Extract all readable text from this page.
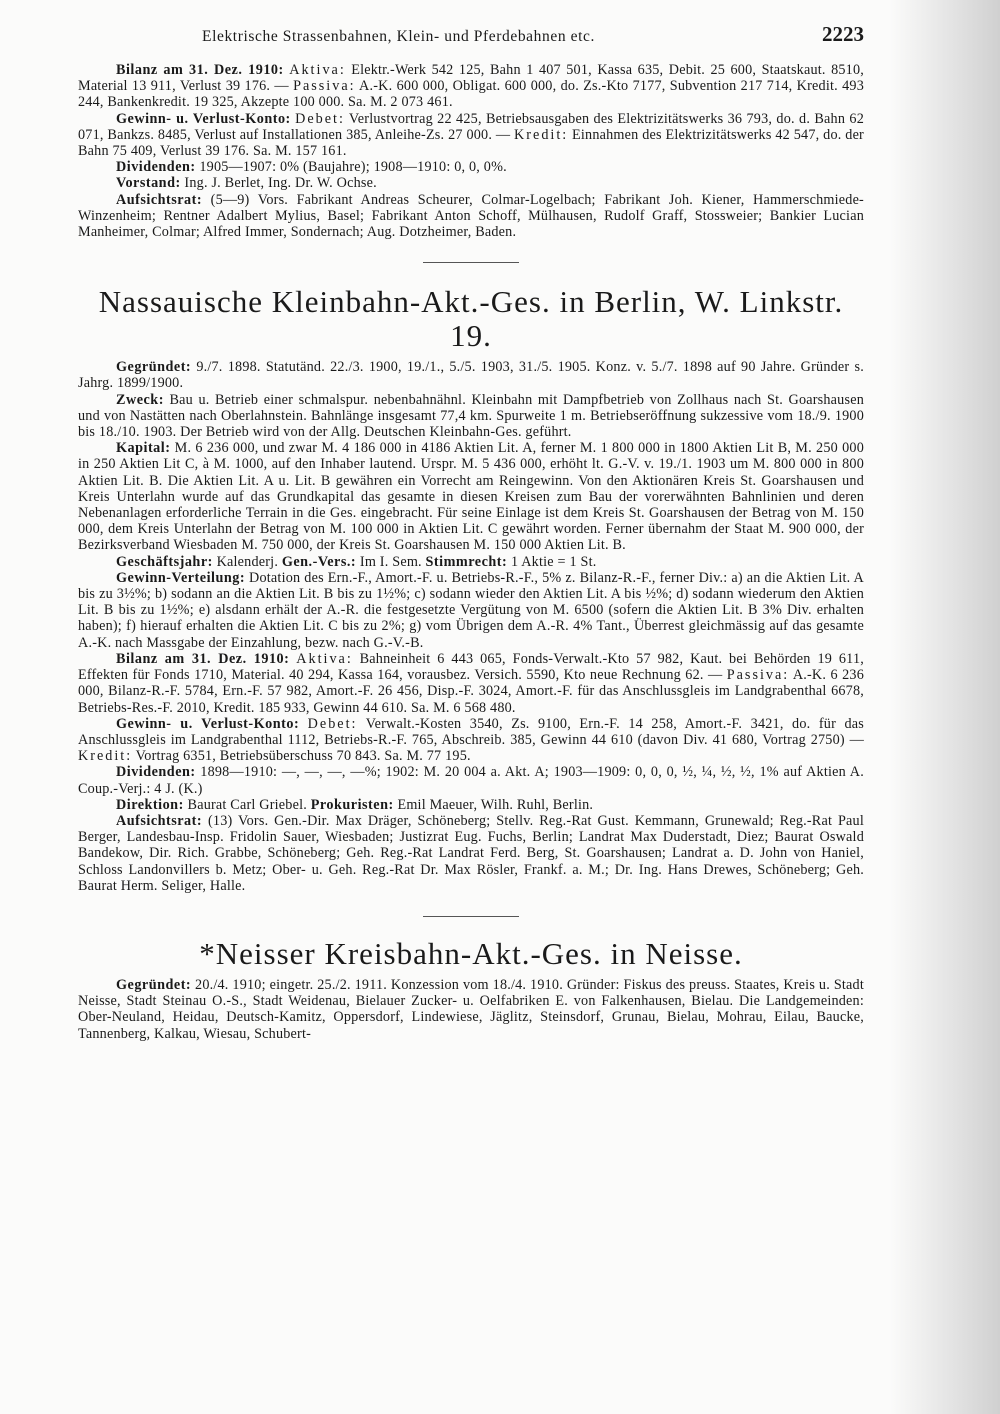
Elektrische Strassenbahnen, Klein- und Pferdebahnen etc.	2223

Bilanz am 31. Dez. 1910: Aktiva: Elektr.-Werk 542 125, Bahn 1 407 501, Kassa 635, Debit. 25 600, Staatskaut. 8510, Material 13 911, Verlust 39 176. — Passiva: A.-K. 600 000, Obligat. 600 000, do. Zs.-Kto 7177, Subvention 217 714, Kredit. 493 244, Bankenkredit. 19 325, Akzepte 100 000. Sa. M. 2 073 461.

Gewinn- u. Verlust-Konto: Debet: Verlustvortrag 22 425, Betriebsausgaben des Elektrizitätswerks 36 793, do. d. Bahn 62 071, Bankzs. 8485, Verlust auf Installationen 385, Anleihe-Zs. 27 000. — Kredit: Einnahmen des Elektrizitätswerks 42 547, do. der Bahn 75 409, Verlust 39 176. Sa. M. 157 161.

Dividenden: 1905—1907: 0% (Baujahre); 1908—1910: 0, 0, 0%.

Vorstand: Ing. J. Berlet, Ing. Dr. W. Ochse.

Aufsichtsrat: (5—9) Vors. Fabrikant Andreas Scheurer, Colmar-Logelbach; Fabrikant Joh. Kiener, Hammerschmiede-Winzenheim; Rentner Adalbert Mylius, Basel; Fabrikant Anton Schoff, Mülhausen, Rudolf Graff, Stossweier; Bankier Lucian Manheimer, Colmar; Alfred Immer, Sondernach; Aug. Dotzheimer, Baden.

Nassauische Kleinbahn-Akt.-Ges. in Berlin, W. Linkstr. 19.

Gegründet: 9./7. 1898. Statutänd. 22./3. 1900, 19./1., 5./5. 1903, 31./5. 1905. Konz. v. 5./7. 1898 auf 90 Jahre. Gründer s. Jahrg. 1899/1900.

Zweck: Bau u. Betrieb einer schmalspur. nebenbahnähnl. Kleinbahn mit Dampfbetrieb von Zollhaus nach St. Goarshausen und von Nastätten nach Oberlahnstein. Bahnlänge insgesamt 77,4 km. Spurweite 1 m. Betriebseröffnung sukzessive vom 18./9. 1900 bis 18./10. 1903. Der Betrieb wird von der Allg. Deutschen Kleinbahn-Ges. geführt.

Kapital: M. 6 236 000, und zwar M. 4 186 000 in 4186 Aktien Lit. A, ferner M. 1 800 000 in 1800 Aktien Lit B, M. 250 000 in 250 Aktien Lit C, à M. 1000, auf den Inhaber lautend. Urspr. M. 5 436 000, erhöht lt. G.-V. v. 19./1. 1903 um M. 800 000 in 800 Aktien Lit. B. Die Aktien Lit. A u. Lit. B gewähren ein Vorrecht am Reingewinn. Von den Aktionären Kreis St. Goarshausen und Kreis Unterlahn wurde auf das Grundkapital das gesamte in diesen Kreisen zum Bau der vorerwähnten Bahnlinien und deren Nebenanlagen erforderliche Terrain in die Ges. eingebracht. Für seine Einlage ist dem Kreis St. Goarshausen der Betrag von M. 150 000, dem Kreis Unterlahn der Betrag von M. 100 000 in Aktien Lit. C gewährt worden. Ferner übernahm der Staat M. 900 000, der Bezirksverband Wiesbaden M. 750 000, der Kreis St. Goarshausen M. 150 000 Aktien Lit. B.

Geschäftsjahr: Kalenderj. Gen.-Vers.: Im I. Sem. Stimmrecht: 1 Aktie = 1 St.

Gewinn-Verteilung: Dotation des Ern.-F., Amort.-F. u. Betriebs-R.-F., 5% z. Bilanz-R.-F., ferner Div.: a) an die Aktien Lit. A bis zu 3½%; b) sodann an die Aktien Lit. B bis zu 1½%; c) sodann wieder den Aktien Lit. A bis ½%; d) sodann wiederum den Aktien Lit. B bis zu 1½%; e) alsdann erhält der A.-R. die festgesetzte Vergütung von M. 6500 (sofern die Aktien Lit. B 3% Div. erhalten haben); f) hierauf erhalten die Aktien Lit. C bis zu 2%; g) vom Übrigen dem A.-R. 4% Tant., Überrest gleichmässig auf das gesamte A.-K. nach Massgabe der Einzahlung, bezw. nach G.-V.-B.

Bilanz am 31. Dez. 1910: Aktiva: Bahneinheit 6 443 065, Fonds-Verwalt.-Kto 57 982, Kaut. bei Behörden 19 611, Effekten für Fonds 1710, Material. 40 294, Kassa 164, vorausbez. Versich. 5590, Kto neue Rechnung 62. — Passiva: A.-K. 6 236 000, Bilanz-R.-F. 5784, Ern.-F. 57 982, Amort.-F. 26 456, Disp.-F. 3024, Amort.-F. für das Anschlussgleis im Landgrabenthal 6678, Betriebs-Res.-F. 2010, Kredit. 185 933, Gewinn 44 610. Sa. M. 6 568 480.

Gewinn- u. Verlust-Konto: Debet: Verwalt.-Kosten 3540, Zs. 9100, Ern.-F. 14 258, Amort.-F. 3421, do. für das Anschlussgleis im Landgrabenthal 1112, Betriebs-R.-F. 765, Abschreib. 385, Gewinn 44 610 (davon Div. 41 680, Vortrag 2750) — Kredit: Vortrag 6351, Betriebsüberschuss 70 843. Sa. M. 77 195.

Dividenden: 1898—1910: —, —, —, —%; 1902: M. 20 004 a. Akt. A; 1903—1909: 0, 0, 0, ½, ¼, ½, ½, 1% auf Aktien A. Coup.-Verj.: 4 J. (K.)

Direktion: Baurat Carl Griebel. Prokuristen: Emil Maeuer, Wilh. Ruhl, Berlin.

Aufsichtsrat: (13) Vors. Gen.-Dir. Max Dräger, Schöneberg; Stellv. Reg.-Rat Gust. Kemmann, Grunewald; Reg.-Rat Paul Berger, Landesbau-Insp. Fridolin Sauer, Wiesbaden; Justizrat Eug. Fuchs, Berlin; Landrat Max Duderstadt, Diez; Baurat Oswald Bandekow, Dir. Rich. Grabbe, Schöneberg; Geh. Reg.-Rat Landrat Ferd. Berg, St. Goarshausen; Landrat a. D. John von Haniel, Schloss Landonvillers b. Metz; Ober- u. Geh. Reg.-Rat Dr. Max Rösler, Frankf. a. M.; Dr. Ing. Hans Drewes, Schöneberg; Geh. Baurat Herm. Seliger, Halle.

*Neisser Kreisbahn-Akt.-Ges. in Neisse.

Gegründet: 20./4. 1910; eingetr. 25./2. 1911. Konzession vom 18./4. 1910. Gründer: Fiskus des preuss. Staates, Kreis u. Stadt Neisse, Stadt Steinau O.-S., Stadt Weidenau, Bielauer Zucker- u. Oelfabriken E. von Falkenhausen, Bielau. Die Landgemeinden: Ober-Neuland, Heidau, Deutsch-Kamitz, Oppersdorf, Lindewiese, Jäglitz, Steinsdorf, Grunau, Bielau, Mohrau, Eilau, Baucke, Tannenberg, Kalkau, Wiesau, Schubert-
